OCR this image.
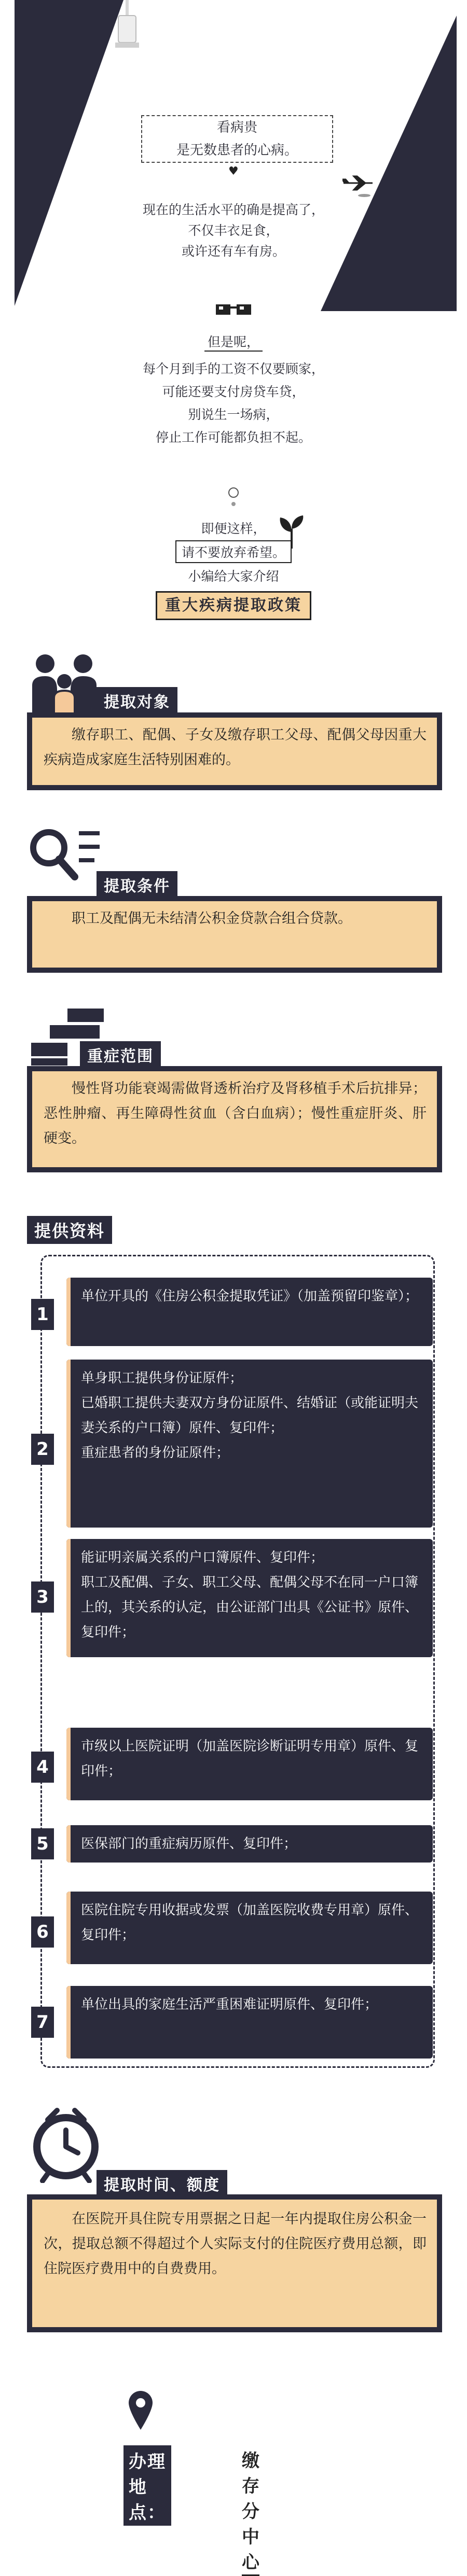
看病贵
是无数患者的心病。
♥
现在的生活水平的确是提高了，
不仅丰衣足食，
或许还有车有房。
但是呢，
每个月到手的工资不仅要顾家，
可能还要支付房贷车贷，
别说生一场病，
停止工作可能都负担不起。
即便这样，
请不要放弃希望。
小编给大家介绍
重大疾病提取政策
提取对象
缴存职工、配偶、子女及缴存职工父母、配偶父母因重大疾病造成家庭生活特别困难的。
提取条件
职工及配偶无未结清公积金贷款合组合贷款。
重症范围
慢性肾功能衰竭需做肾透析治疗及肾移植手术后抗排异；恶性肿瘤、再生障碍性贫血（含白血病）；慢性重症肝炎、肝硬变。
提供资料
1

单位开具的《住房公积金提取凭证》（加盖预留印鉴章）；

2

单身职工提供身份证原件；

已婚职工提供夫妻双方身份证原件、结婚证（或能证明夫妻关系的户口簿）原件、复印件；

重症患者的身份证原件；

3

能证明亲属关系的户口簿原件、复印件；

职工及配偶、子女、职工父母、配偶父母不在同一户口簿上的，其关系的认定，由公证部门出具《公证书》原件、复印件；

4

市级以上医院证明（加盖医院诊断证明专用章）原件、复印件；

5	医保部门的重症病历原件、复印件；

6

医院住院专用收据或发票（加盖医院收费专用章）原件、复印件；

7

单位出具的家庭生活严重困难证明原件、复印件；

提取时间、额度
在医院开具住院专用票据之日起一年内提取住房公积金一次，提取总额不得超过个人实际支付的住院医疗费用总额，即住院医疗费用中的自费费用。
办理地点：
缴存分中心
